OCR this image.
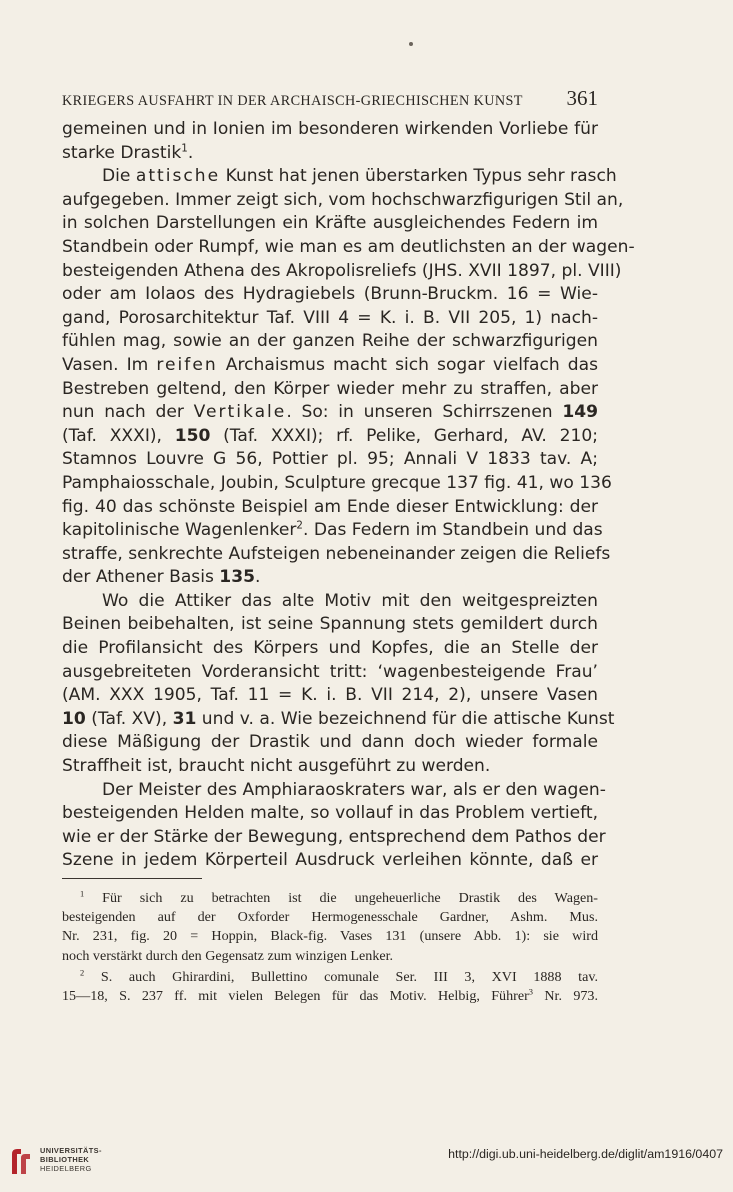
KRIEGERS AUSFAHRT IN DER ARCHAISCH-GRIECHISCHEN KUNST 361

gemeinen und in Ionien im besonderen wirkenden Vorliebe für
starke Drastik$^1$.

Die attische Kunst hat jenen überstarken Typus sehr rasch
aufgegeben. Immer zeigt sich, vom hochschwarzfigurigen Stil an,
in solchen Darstellungen ein Kräfte ausgleichendes Federn im
Standbein oder Rumpf, wie man es am deutlichsten an der wagen-
besteigenden Athena des Akropolisreliefs (JHS. XVII 1897, pl. VIII)
oder am Iolaos des Hydragiebels (Brunn-Bruckm. 16 = Wie-
gand, Porosarchitektur Taf. VIII 4 = K. i. B. VII 205, 1) nach-
fühlen mag, sowie an der ganzen Reihe der schwarzfigurigen
Vasen. Im reifen Archaismus macht sich sogar vielfach das
Bestreben geltend, den Körper wieder mehr zu straffen, aber
nun nach der Vertikale. So: in unseren Schirrszenen 149
(Taf. XXXI), 150 (Taf. XXXI); rf. Pelike, Gerhard, AV. 210;
Stamnos Louvre G 56, Pottier pl. 95; Annali V 1833 tav. A;
Pamphaiosschale, Joubin, Sculpture grecque 137 fig. 41, wo 136
fig. 40 das schönste Beispiel am Ende dieser Entwicklung: der
kapitolinische Wagenlenker$^2$. Das Federn im Standbein und das
straffe, senkrechte Aufsteigen nebeneinander zeigen die Reliefs
der Athener Basis 135.

Wo die Attiker das alte Motiv mit den weitgespreizten
Beinen beibehalten, ist seine Spannung stets gemildert durch
die Profilansicht des Körpers und Kopfes, die an Stelle der
ausgebreiteten Vorderansicht tritt: ‘wagenbesteigende Frau’
(AM. XXX 1905, Taf. 11 = K. i. B. VII 214, 2), unsere Vasen
10 (Taf. XV), 31 und v. a. Wie bezeichnend für die attische Kunst
diese Mäßigung der Drastik und dann doch wieder formale
Straffheit ist, braucht nicht ausgeführt zu werden.

Der Meister des Amphiaraoskraters war, als er den wagen-
besteigenden Helden malte, so vollauf in das Problem vertieft,
wie er der Stärke der Bewegung, entsprechend dem Pathos der
Szene in jedem Körperteil Ausdruck verleihen könnte, daß er

$^1$ Für sich zu betrachten ist die ungeheuerliche Drastik des Wagen-
besteigenden auf der Oxforder Hermogenesschale Gardner, Ashm. Mus.
Nr. 231, fig. 20 = Hoppin, Black-fig. Vases 131 (unsere Abb. 1): sie wird
noch verstärkt durch den Gegensatz zum winzigen Lenker.

$^2$ S. auch Ghirardini, Bullettino comunale Ser. III 3, XVI 1888 tav.
15—18, S. 237 ff. mit vielen Belegen für das Motiv. Helbig, Führer$^3$ Nr. 973.

UNIVERSITÄTS-
BIBLIOTHEK
HEIDELBERG
http://digi.ub.uni-heidelberg.de/diglit/am1916/0407
